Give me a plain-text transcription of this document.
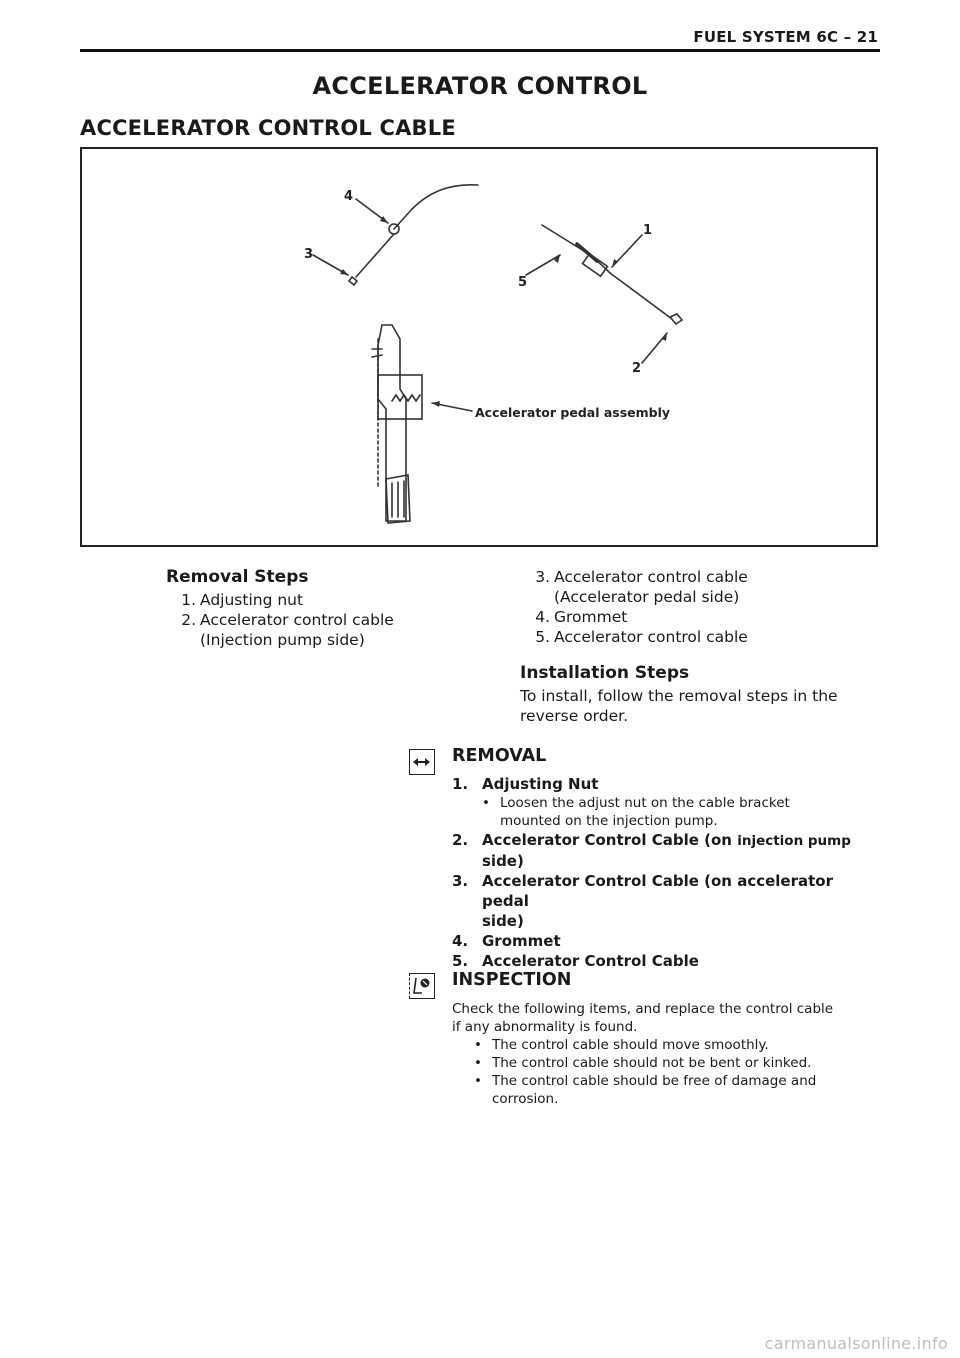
FUEL SYSTEM 6C – 21
ACCELERATOR CONTROL
ACCELERATOR CONTROL CABLE
4
3
1
5
2
Accelerator pedal assembly
Removal Steps
1. Adjusting nut
2. Accelerator control cable
(Injection pump side)
3. Accelerator control cable
(Accelerator pedal side)
4. Grommet
5. Accelerator control cable
Installation Steps
To install, follow the removal steps in the
reverse order.
REMOVAL
1. Adjusting Nut
• Loosen the adjust nut on the cable bracket
mounted on the injection pump.
2. Accelerator Control Cable (on injection pump
side)
3. Accelerator Control Cable (on accelerator pedal
side)
4. Grommet
5. Accelerator Control Cable
INSPECTION
Check the following items, and replace the control cable
if any abnormality is found.
• The control cable should move smoothly.
• The control cable should not be bent or kinked.
• The control cable should be free of damage and
corrosion.
carmanualsonline.info
